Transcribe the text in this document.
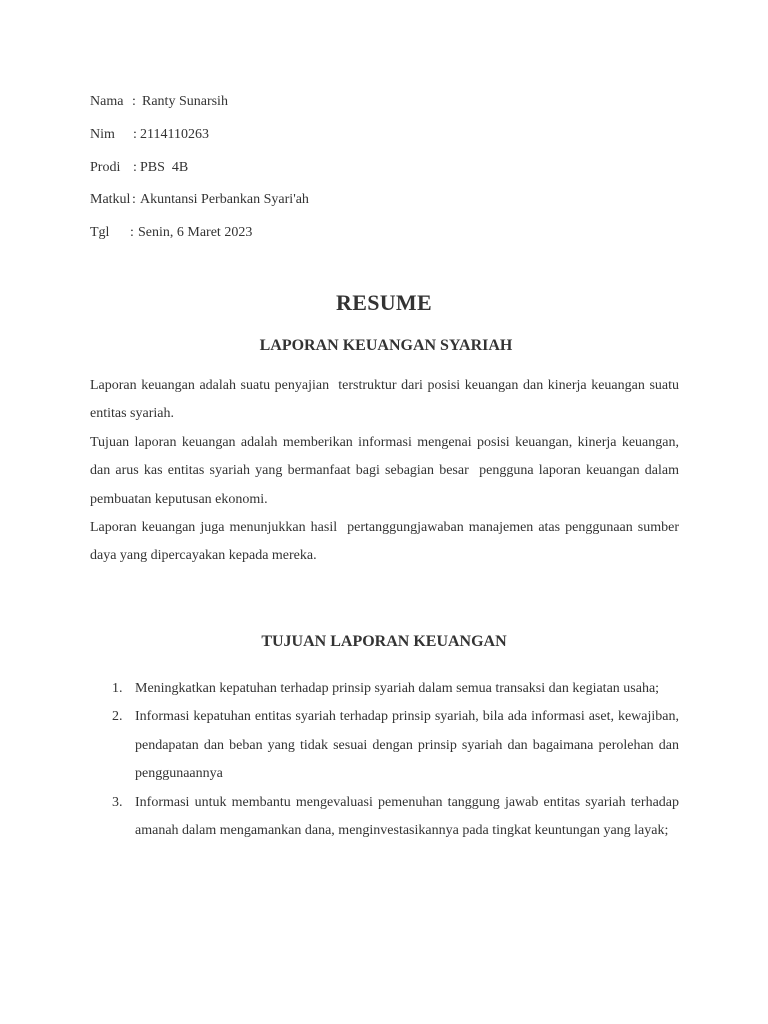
Nama : Ranty Sunarsih
Nim	: 2114110263
Prodi : PBS  4B
Matkul : Akuntansi Perbankan Syari'ah
Tgl	: Senin, 6 Maret 2023
RESUME
LAPORAN KEUANGAN SYARIAH

Laporan keuangan adalah suatu penyajian  terstruktur dari posisi keuangan dan kinerja keuangan suatu entitas syariah.

Tujuan laporan keuangan adalah memberikan informasi mengenai posisi keuangan, kinerja keuangan, dan arus kas entitas syariah yang bermanfaat bagi sebagian besar  pengguna laporan keuangan dalam pembuatan keputusan ekonomi.

Laporan keuangan juga menunjukkan hasil  pertanggungjawaban manajemen atas penggunaan sumber  daya yang dipercayakan kepada mereka.

TUJUAN LAPORAN KEUANGAN
1. Meningkatkan kepatuhan terhadap prinsip syariah dalam semua transaksi dan kegiatan usaha;
2. Informasi kepatuhan entitas syariah terhadap prinsip syariah, bila ada informasi aset, kewajiban, pendapatan dan beban yang tidak sesuai dengan prinsip syariah dan bagaimana perolehan dan penggunaannya
3. Informasi untuk membantu mengevaluasi pemenuhan tanggung jawab entitas syariah terhadap amanah dalam mengamankan dana, menginvestasikannya pada tingkat keuntungan yang layak;
